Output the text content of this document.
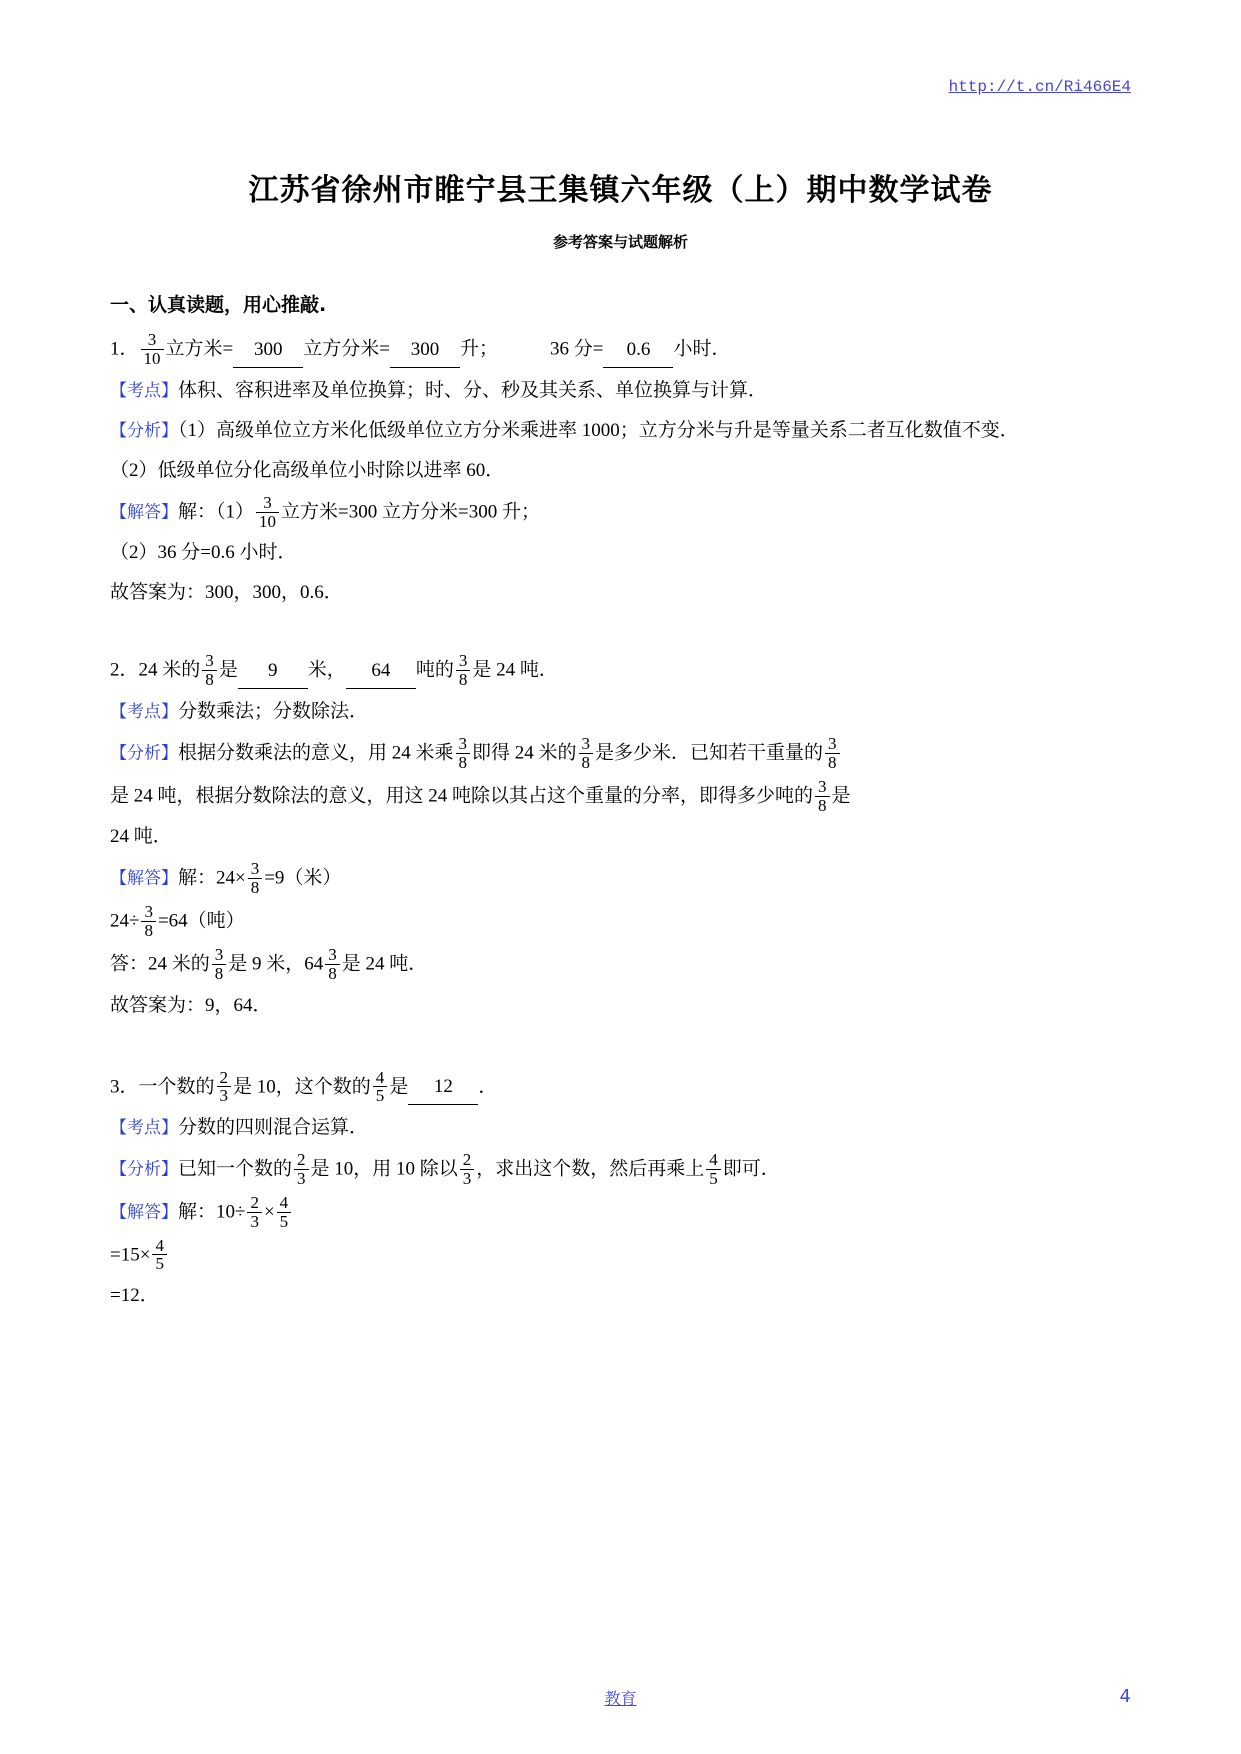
http://t.cn/Ri466E4
江苏省徐州市睢宁县王集镇六年级（上）期中数学试卷
参考答案与试题解析
一、认真读题，用心推敲.
1． $\frac{3}{10}$ 立方米= 300 立方分米= 300 升；	36 分= 0.6 小时．
【考点】体积、容积进率及单位换算；时、分、秒及其关系、单位换算与计算．
【分析】（1）高级单位立方米化低级单位立方分米乘进率 1000；立方分米与升是等量关系二者互化数值不变．
（2）低级单位分化高级单位小时除以进率 60．
【解答】解：$(1) \frac{3}{10}$ 立方米=300 立方分米=300 升；
（2）36 分=0.6 小时．
故答案为：300，300，0.6．
2．24 米的 $\frac{3}{8}$ 是 9 米， 64 吨的 $\frac{3}{8}$ 是 24 吨．
【考点】分数乘法；分数除法．
【分析】根据分数乘法的意义，用 24 米乘 $\frac{3}{8}$ 即得 24 米的 $\frac{3}{8}$ 是多少米．已知若干重量的 $\frac{3}{8}$
是 24 吨，根据分数除法的意义，用这 24 吨除以其占这个重量的分率，即得多少吨的 $\frac{3}{8}$ 是
24 吨．
【解答】解：$24\times \frac{3}{8} =9$（米）
$24\div \frac{3}{8} =64$（吨）
答：24 米的 $\frac{3}{8}$ 是 9 米，$64 \frac{3}{8}$ 是 24 吨．
故答案为：9，64．
3．一个数的 $\frac{2}{3}$ 是 10，这个数的 $\frac{4}{5}$ 是 12 ．
【考点】分数的四则混合运算．
【分析】已知一个数的 $\frac{2}{3}$ 是 10，用 10 除以 $\frac{2}{3}$ ，求出这个数，然后再乘上 $\frac{4}{5}$ 即可．
【解答】解：$10\div \frac{2}{3} \times \frac{4}{5}$
$=15\times \frac{4}{5}$
=12．
教育	4
